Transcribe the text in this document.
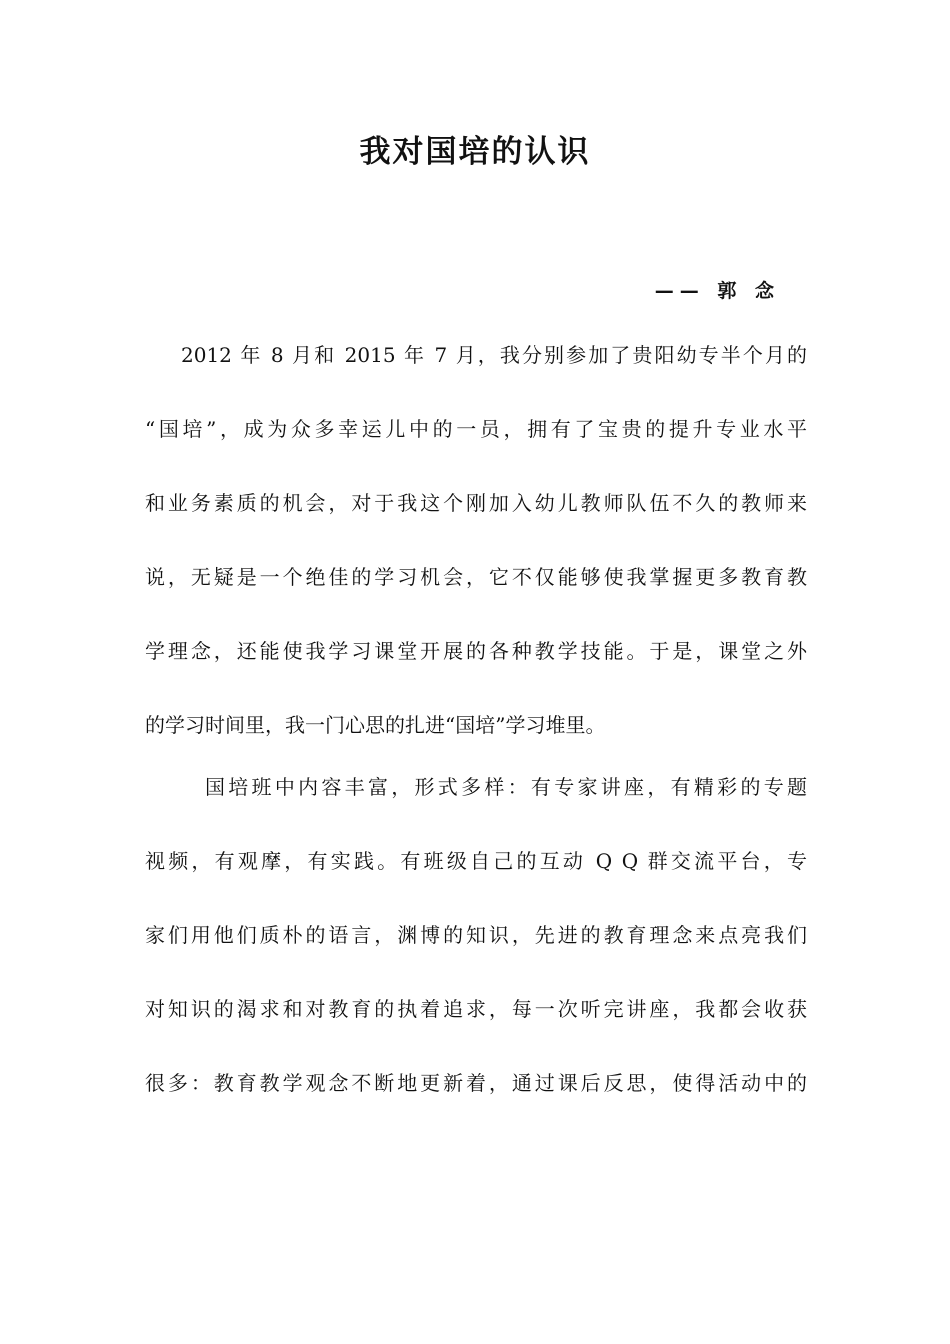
我对国培的认识

—— 郭 念

2012 年 8 月和 2015 年 7 月，我分别参加了贵阳幼专半个月的
“国培”，成为众多幸运儿中的一员，拥有了宝贵的提升专业水平
和业务素质的机会，对于我这个刚加入幼儿教师队伍不久的教师来
说，无疑是一个绝佳的学习机会，它不仅能够使我掌握更多教育教
学理念，还能使我学习课堂开展的各种教学技能。于是，课堂之外
的学习时间里，我一门心思的扎进“国培”学习堆里。
国培班中内容丰富，形式多样：有专家讲座，有精彩的专题
视频，有观摩，有实践。有班级自己的互动 Q Q 群交流平台，专
家们用他们质朴的语言，渊博的知识，先进的教育理念来点亮我们
对知识的渴求和对教育的执着追求，每一次听完讲座，我都会收获
很多：教育教学观念不断地更新着，通过课后反思，使得活动中的
